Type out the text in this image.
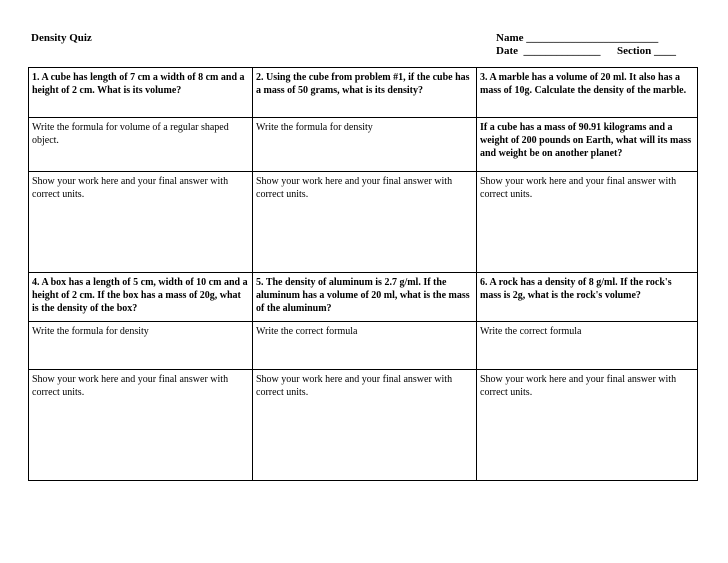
Density Quiz	Name ________________________
Date  ______________      Section ____
1. A cube has length of 7 cm a width of 8 cm and a height of 2 cm. What is its volume?	2. Using the cube from problem #1, if the cube has a mass of 50 grams, what is its density?	3. A marble has a volume of 20 ml. It also has a mass of 10g. Calculate the density of the marble.
Write the formula for volume of a regular shaped object.	Write the formula for density	If a cube has a mass of 90.91 kilograms and a weight of 200 pounds on Earth, what will its mass and weight be on another planet?
Show your work here and your final answer with correct units.	Show your work here and your final answer with correct units.	Show your work here and your final answer with correct units.
4. A box has a length of 5 cm, width of 10 cm and a height of 2 cm. If the box has a mass of 20g, what is the density of the box?	5. The density of aluminum is 2.7 g/ml. If the aluminum has a volume of 20 ml, what is the mass of the aluminum?	6. A rock has a density of 8 g/ml. If the rock's mass is 2g, what is the rock's volume?
Write the formula for density	Write the correct formula	Write the correct formula
Show your work here and your final answer with correct units.	Show your work here and your final answer with correct units.	Show your work here and your final answer with correct units.
